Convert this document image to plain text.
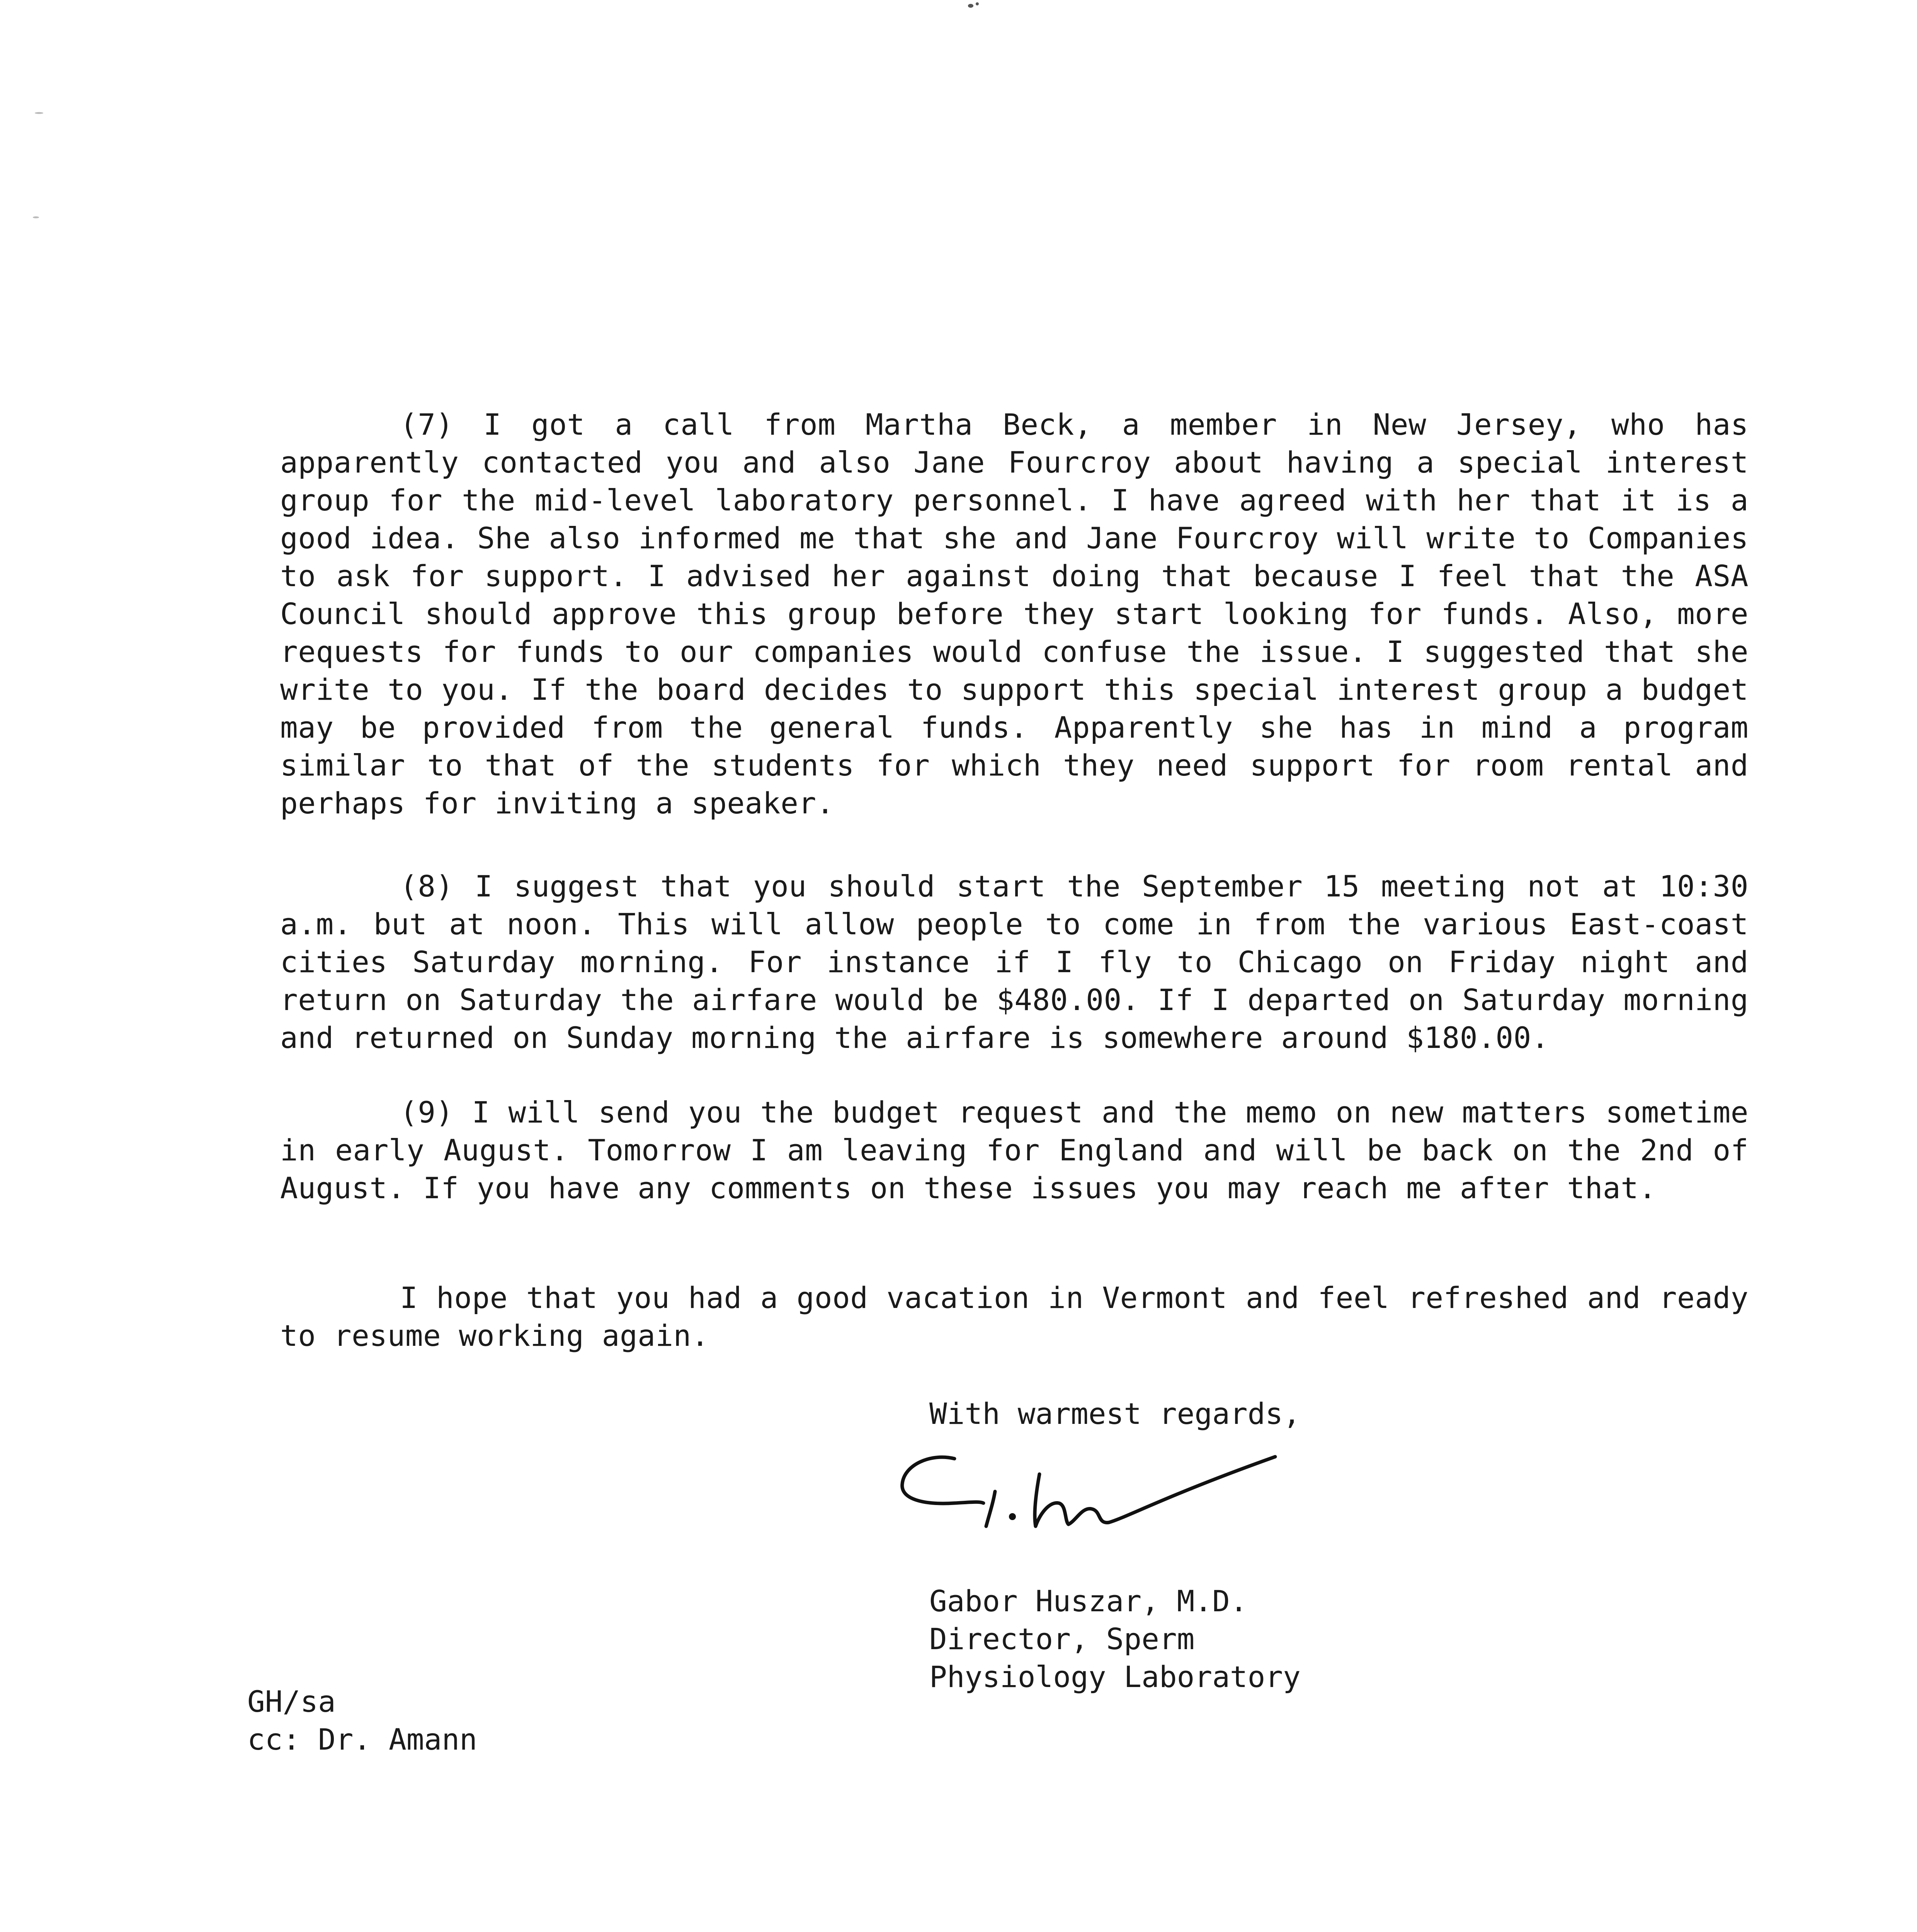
(7) I got a call from Martha Beck, a member in New Jersey, who has apparently contacted you and also Jane Fourcroy about having a special interest group for the mid-level laboratory personnel. I have agreed with her that it is a good idea. She also informed me that she and Jane Fourcroy will write to Companies to ask for support. I advised her against doing that because I feel that the ASA Council should approve this group before they start looking for funds. Also, more requests for funds to our companies would confuse the issue. I suggested that she write to you. If the board decides to support this special interest group a budget may be provided from the general funds. Apparently she has in mind a program similar to that of the students for which they need support for room rental and perhaps for inviting a speaker.

(8) I suggest that you should start the September 15 meeting not at 10:30 a.m. but at noon. This will allow people to come in from the various East-coast cities Saturday morning. For instance if I fly to Chicago on Friday night and return on Saturday the airfare would be $480.00. If I departed on Saturday morning and returned on Sunday morning the airfare is somewhere around $180.00.

(9) I will send you the budget request and the memo on new matters sometime in early August. Tomorrow I am leaving for England and will be back on the 2nd of August. If you have any comments on these issues you may reach me after that.

I hope that you had a good vacation in Vermont and feel refreshed and ready to resume working again.

With warmest regards,

Gabor Huszar, M.D.
Director, Sperm
Physiology Laboratory
GH/sa
cc: Dr. Amann
